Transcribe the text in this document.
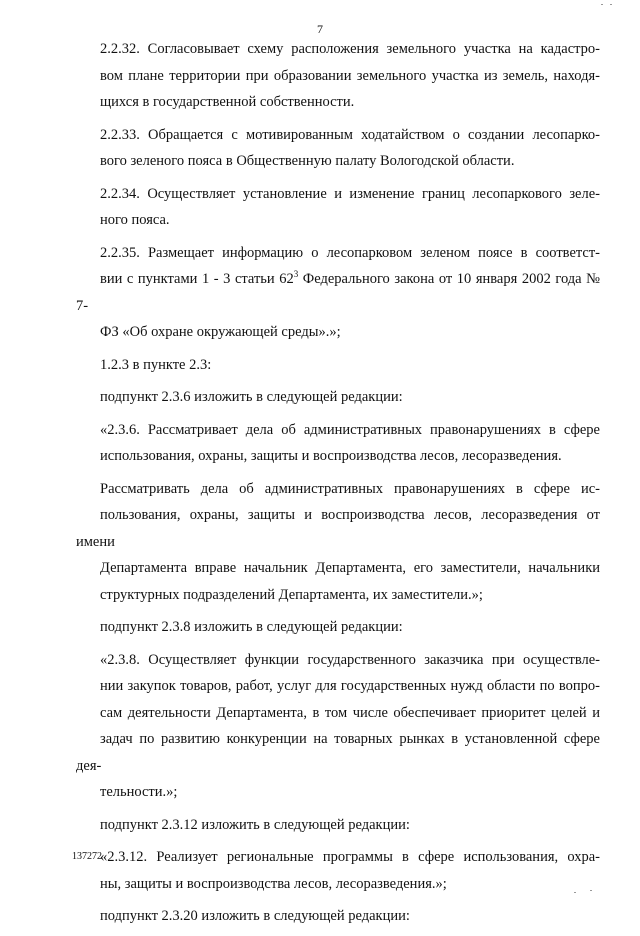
7

2.2.32. Согласовывает схему расположения земельного участка на кадастро-
вом плане территории при образовании земельного участка из земель, находя-
щихся в государственной собственности.

2.2.33. Обращается с мотивированным ходатайством о создании лесопарко-
вого зеленого пояса в Общественную палату Вологодской области.

2.2.34. Осуществляет установление и изменение границ лесопаркового зеле-
ного пояса.

2.2.35. Размещает информацию о лесопарковом зеленом поясе в соответст-
вии с пунктами 1 - 3 статьи $62^3$ Федерального закона от 10 января 2002 года № 7-
ФЗ «Об охране окружающей среды».»;

1.2.3 в пункте 2.3:

подпункт 2.3.6 изложить в следующей редакции:

«2.3.6. Рассматривает дела об административных правонарушениях в сфере
использования, охраны, защиты и воспроизводства лесов, лесоразведения.

Рассматривать дела об административных правонарушениях в сфере ис-
пользования, охраны, защиты и воспроизводства лесов, лесоразведения от имени
Департамента вправе начальник Департамента, его заместители, начальники
структурных подразделений Департамента, их заместители.»;

подпункт 2.3.8 изложить в следующей редакции:

«2.3.8. Осуществляет функции государственного заказчика при осуществле-
нии закупок товаров, работ, услуг для государственных нужд области по вопро-
сам деятельности Департамента, в том числе обеспечивает приоритет целей и
задач по развитию конкуренции на товарных рынках в установленной сфере дея-
тельности.»;

подпункт 2.3.12 изложить в следующей редакции:

«2.3.12. Реализует региональные программы в сфере использования, охра-
ны, защиты и воспроизводства лесов, лесоразведения.»;

подпункт 2.3.20 изложить в следующей редакции:

137272
